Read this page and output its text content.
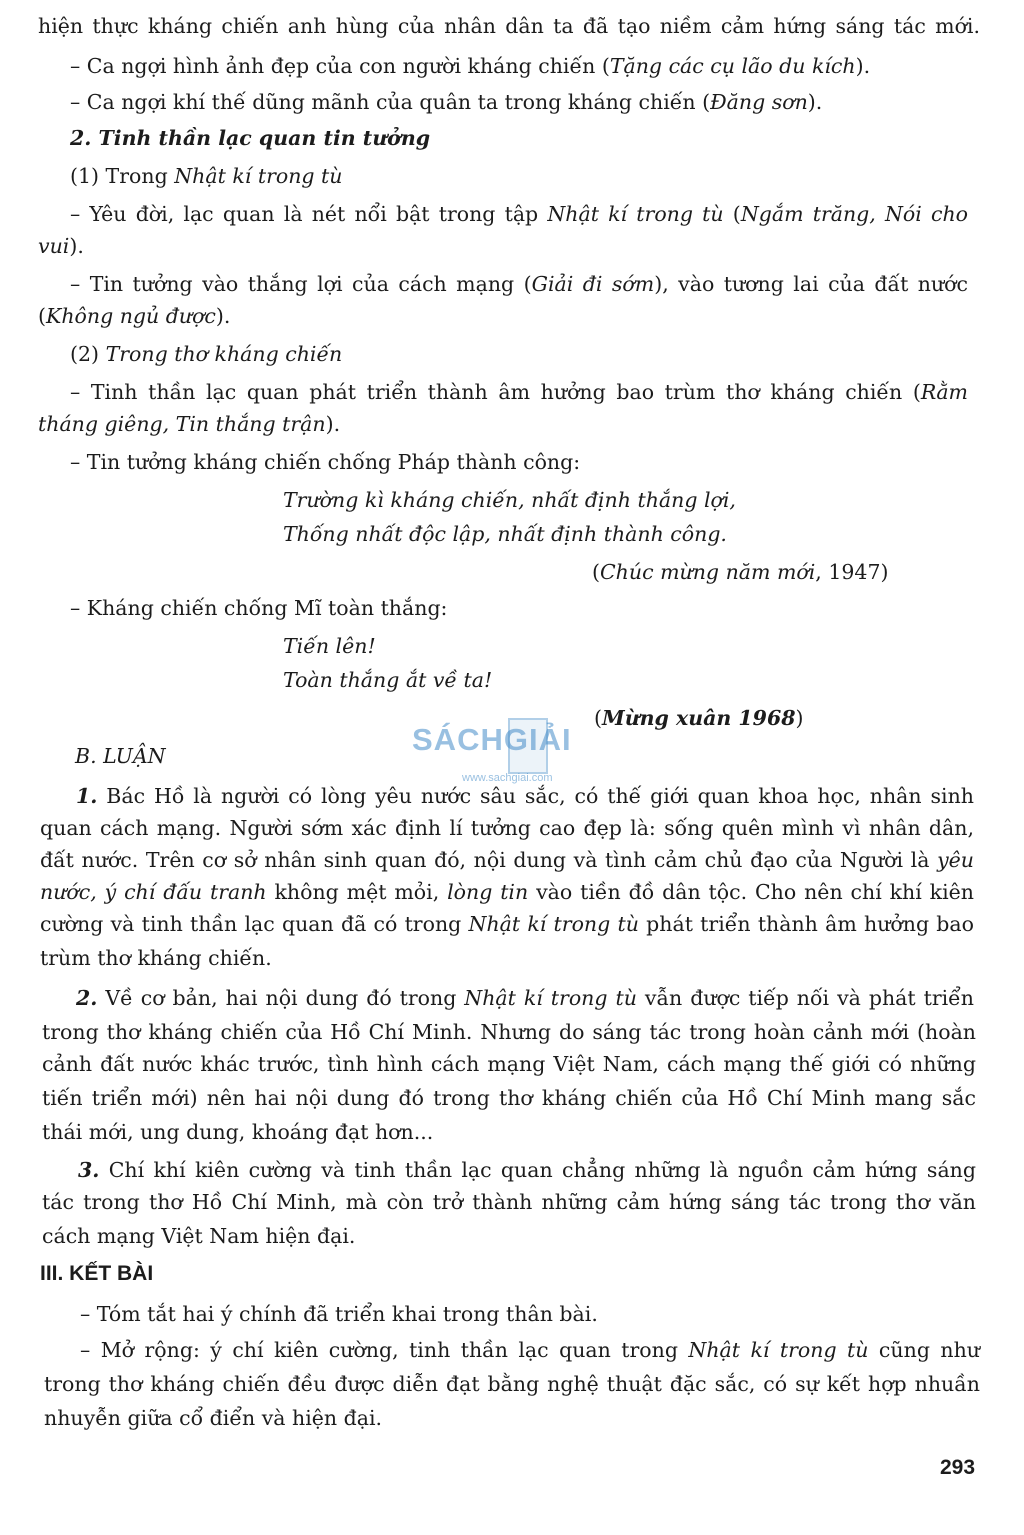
hiện thực kháng chiến anh hùng của nhân dân ta đã tạo niềm cảm hứng sáng tác mới.
– Ca ngợi hình ảnh đẹp của con người kháng chiến (Tặng các cụ lão du kích).
– Ca ngợi khí thế dũng mãnh của quân ta trong kháng chiến (Đăng sơn).
2. Tinh thần lạc quan tin tưởng
(1) Trong Nhật kí trong tù
– Yêu đời, lạc quan là nét nổi bật trong tập Nhật kí trong tù (Ngắm trăng, Nói cho
vui).
– Tin tưởng vào thắng lợi của cách mạng (Giải đi sớm), vào tương lai của đất nước
(Không ngủ được).
(2) Trong thơ kháng chiến
– Tinh thần lạc quan phát triển thành âm hưởng bao trùm thơ kháng chiến (Rằm
tháng giêng, Tin thắng trận).
– Tin tưởng kháng chiến chống Pháp thành công:
Trường kì kháng chiến, nhất định thắng lợi,
Thống nhất độc lập, nhất định thành công.
(Chúc mừng năm mới, 1947)
– Kháng chiến chống Mĩ toàn thắng:
Tiến lên!
Toàn thắng ắt về ta!
(Mừng xuân 1968)
B. LUẬN
1. Bác Hồ là người có lòng yêu nước sâu sắc, có thế giới quan khoa học, nhân sinh
quan cách mạng. Người sớm xác định lí tưởng cao đẹp là: sống quên mình vì nhân dân,
đất nước. Trên cơ sở nhân sinh quan đó, nội dung và tình cảm chủ đạo của Người là yêu
nước, ý chí đấu tranh không mệt mỏi, lòng tin vào tiền đồ dân tộc. Cho nên chí khí kiên
cường và tinh thần lạc quan đã có trong Nhật kí trong tù phát triển thành âm hưởng bao
trùm thơ kháng chiến.
2. Về cơ bản, hai nội dung đó trong Nhật kí trong tù vẫn được tiếp nối và phát triển
trong thơ kháng chiến của Hồ Chí Minh. Nhưng do sáng tác trong hoàn cảnh mới (hoàn
cảnh đất nước khác trước, tình hình cách mạng Việt Nam, cách mạng thế giới có những
tiến triển mới) nên hai nội dung đó trong thơ kháng chiến của Hồ Chí Minh mang sắc
thái mới, ung dung, khoáng đạt hơn...
3. Chí khí kiên cường và tinh thần lạc quan chẳng những là nguồn cảm hứng sáng
tác trong thơ Hồ Chí Minh, mà còn trở thành những cảm hứng sáng tác trong thơ văn
cách mạng Việt Nam hiện đại.
III. KẾT BÀI
– Tóm tắt hai ý chính đã triển khai trong thân bài.
– Mở rộng: ý chí kiên cường, tinh thần lạc quan trong Nhật kí trong tù cũng như
trong thơ kháng chiến đều được diễn đạt bằng nghệ thuật đặc sắc, có sự kết hợp nhuần
nhuyễn giữa cổ điển và hiện đại.
SÁCHGIẢI
www.sachgiai.com
293
